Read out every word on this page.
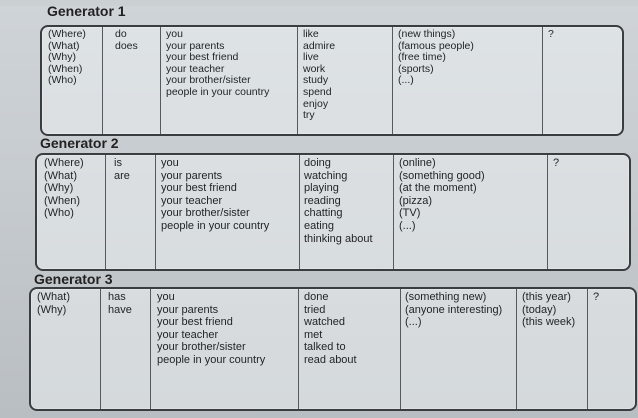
Generator 1
(Where)
(What)
(Why)
(When)
(Who)
do
does
you
your parents
your best friend
your teacher
your brother/sister
people in your country
like
admire
live
work
study
spend
enjoy
try
(new things)
(famous people)
(free time)
(sports)
(...)
?
Generator 2
(Where)
(What)
(Why)
(When)
(Who)
is
are
you
your parents
your best friend
your teacher
your brother/sister
people in your country
doing
watching
playing
reading
chatting
eating
thinking about
(online)
(something good)
(at the moment)
(pizza)
(TV)
(...)
?
Generator 3
(What)
(Why)
has
have
you
your parents
your best friend
your teacher
your brother/sister
people in your country
done
tried
watched
met
talked to
read about
(something new)
(anyone interesting)
(...)
(this year)
(today)
(this week)
?
